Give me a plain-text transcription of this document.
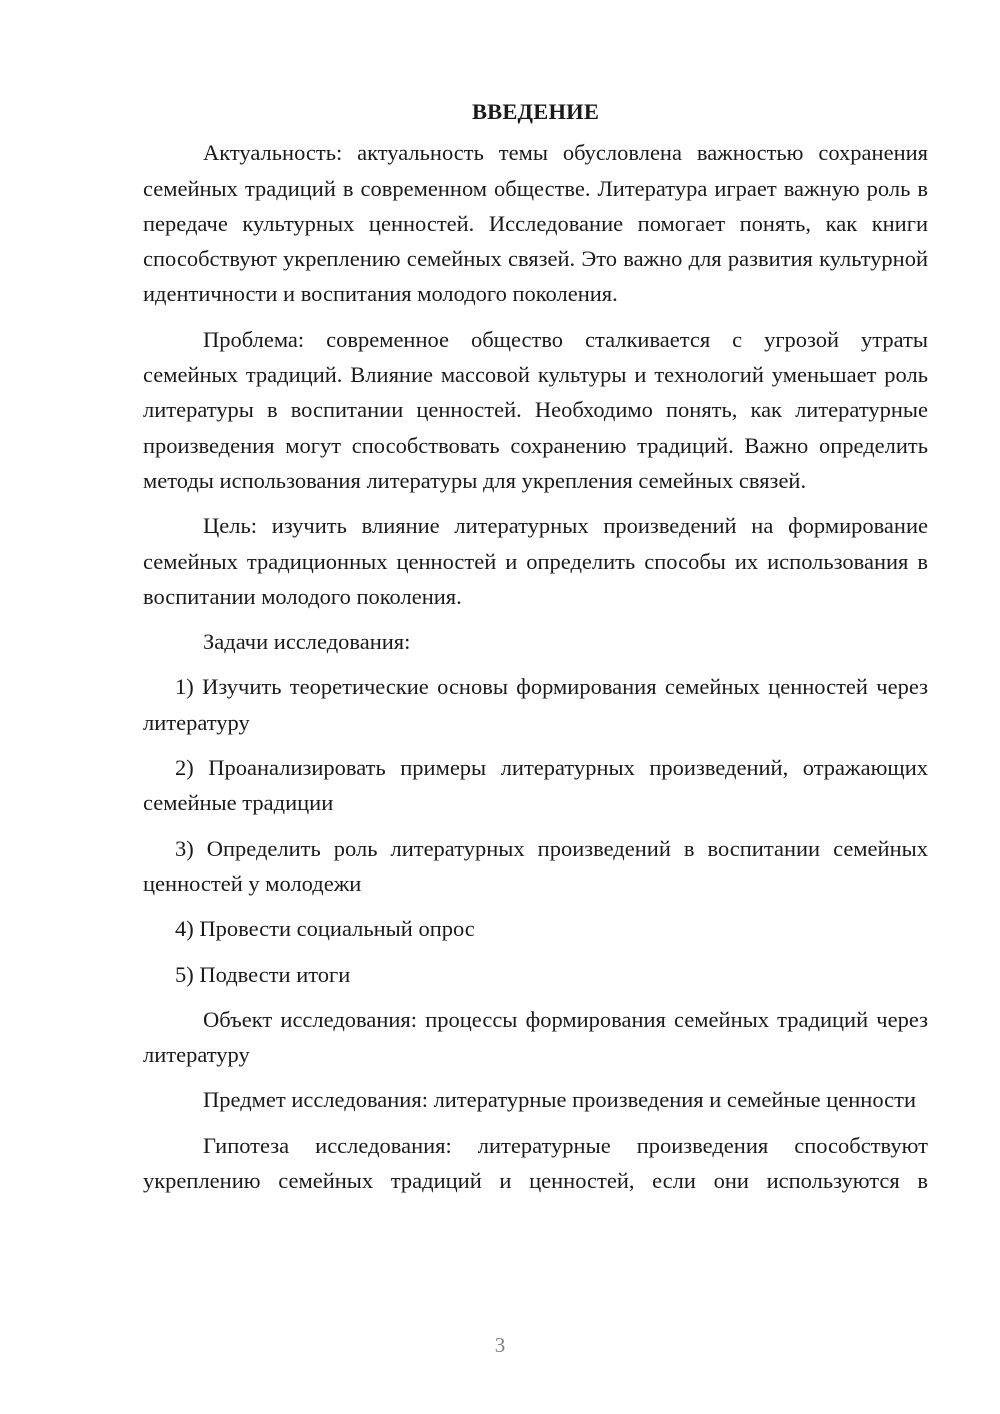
ВВЕДЕНИЕ

Актуальность: актуальность темы обусловлена важностью сохранения семейных традиций в современном обществе. Литература играет важную роль в передаче культурных ценностей. Исследование помогает понять, как книги способствуют укреплению семейных связей. Это важно для развития культурной идентичности и воспитания молодого поколения.

Проблема: современное общество сталкивается с угрозой утраты семейных традиций. Влияние массовой культуры и технологий уменьшает роль литературы в воспитании ценностей. Необходимо понять, как литературные произведения могут способствовать сохранению традиций. Важно определить методы использования литературы для укрепления семейных связей.

Цель: изучить влияние литературных произведений на формирование семейных традиционных ценностей и определить способы их использования в воспитании молодого поколения.

Задачи исследования:

1) Изучить теоретические основы формирования семейных ценностей через литературу

2) Проанализировать примеры литературных произведений, отражающих семейные традиции

3) Определить роль литературных произведений в воспитании семейных ценностей у молодежи

4) Провести социальный опрос

5) Подвести итоги

Объект исследования: процессы формирования семейных традиций через литературу

Предмет исследования: литературные произведения и семейные ценности

Гипотеза исследования: литературные произведения способствуют укреплению семейных традиций и ценностей, если они используются в

3
